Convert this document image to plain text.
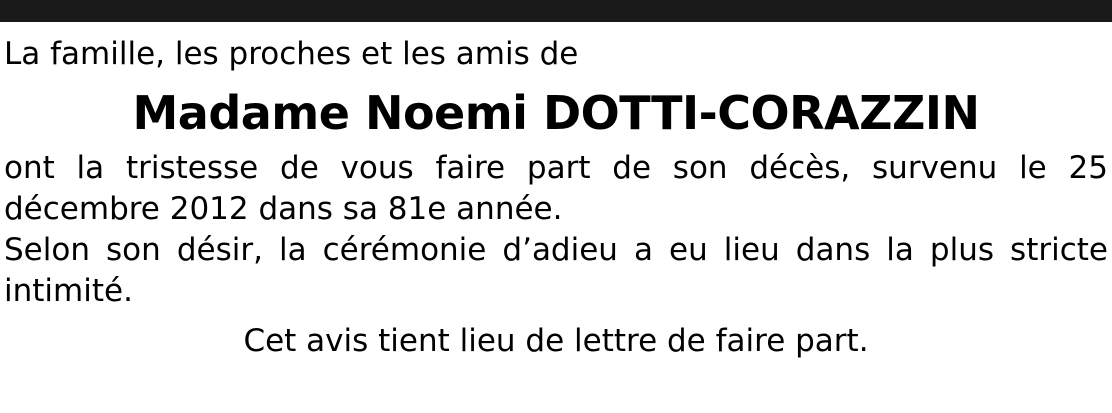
La famille, les proches et les amis de
Madame Noemi DOTTI-CORAZZIN

ont la tristesse de vous faire part de son décès, survenu le 25 décembre 2012 dans sa 81e année.

Selon son désir, la cérémonie d’adieu a eu lieu dans la plus stricte intimité.

Cet avis tient lieu de lettre de faire part.
